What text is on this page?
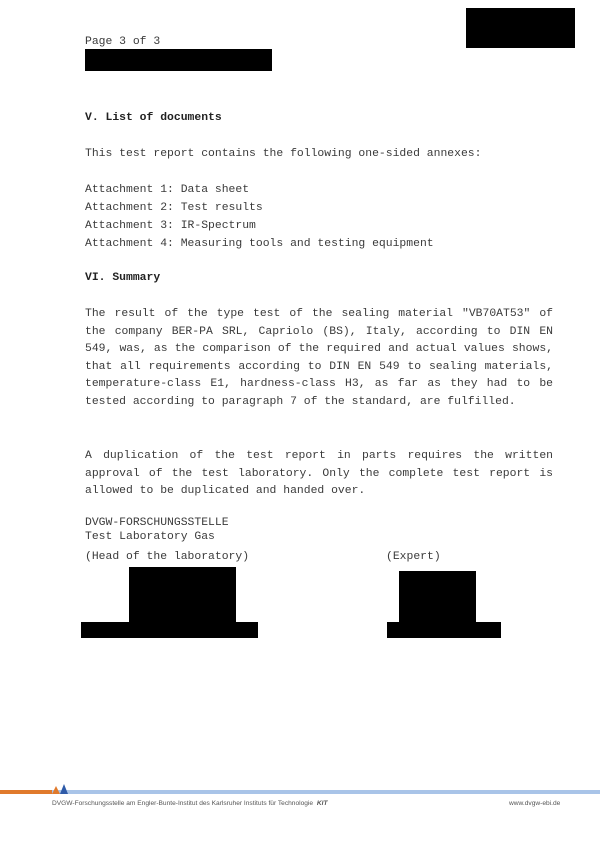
Page 3 of 3
V. List of documents
This test report contains the following one-sided annexes:
Attachment 1: Data sheet
Attachment 2: Test results
Attachment 3: IR-Spectrum
Attachment 4: Measuring tools and testing equipment
VI. Summary
The result of the type test of the sealing material "VB70AT53" of the company BER-PA SRL, Capriolo (BS), Italy, according to DIN EN 549, was, as the comparison of the required and actual values shows, that all requirements according to DIN EN 549 to sealing materials, temperature-class E1, hardness-class H3, as far as they had to be tested according to paragraph 7 of the standard, are fulfilled.
A duplication of the test report in parts requires the written approval of the test laboratory. Only the complete test report is allowed to be duplicated and handed over.
DVGW-FORSCHUNGSSTELLE
Test Laboratory Gas
(Head of the laboratory)	(Expert)
DVGW-Forschungsstelle am Engler-Bunte-Institut des Karlsruher Instituts für Technologie KIT	www.dvgw-ebi.de
